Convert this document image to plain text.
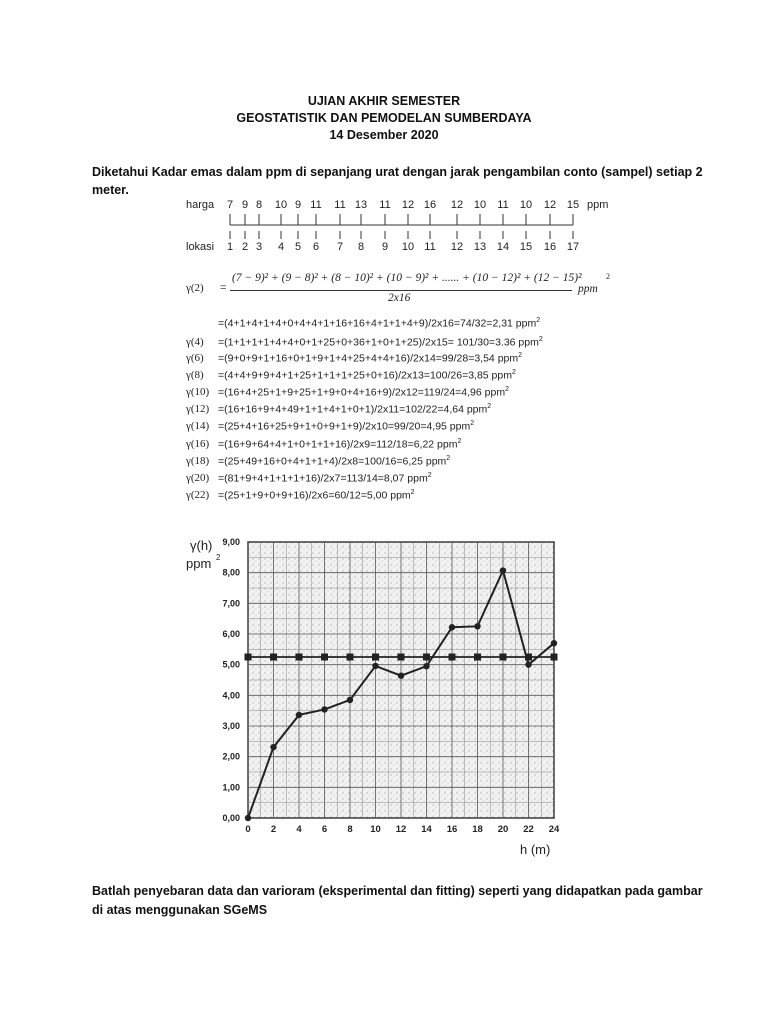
UJIAN AKHIR SEMESTER
GEOSTATISTIK DAN PEMODELAN SUMBERDAYA
14 Desember 2020
Diketahui Kadar emas dalam ppm di sepanjang urat dengan jarak pengambilan conto (sampel) setiap 2
meter.
harga	7 9 8	10 9 11	11 13	11	12 16	12 10	11	10	12 15 ppm
lokasi	1 2 3	4 5	6	7	8	9	10 11	12 13 14 15	16 17
γ(2) =
(7 − 9)² + (9 − 8)² + (8 − 10)² + (10 − 9)² + ...... + (10 − 12)² + (12 − 15)²
2x16
ppm
2
=(4+1+4+1+4+0+4+4+1+16+16+4+1+1+4+9)/2x16=74/32=2,31 ppm$^2$
γ(4) =(1+1+1+1+4+4+0+1+25+0+36+1+0+1+25)/2x15= 101/30=3.36 ppm$^2$
γ(6) =(9+0+9+1+16+0+1+9+1+4+25+4+4+16)/2x14=99/28=3,54 ppm$^2$
γ(8) =(4+4+9+9+4+1+25+1+1+1+25+0+16)/2x13=100/26=3,85 ppm$^2$
γ(10) =(16+4+25+1+9+25+1+9+0+4+16+9)/2x12=119/24=4,96 ppm$^2$
γ(12) =(16+16+9+4+49+1+1+4+1+0+1)/2x11=102/22=4,64 ppm$^2$
γ(14) =(25+4+16+25+9+1+0+9+1+9)/2x10=99/20=4,95 ppm$^2$
γ(16) =(16+9+64+4+1+0+1+1+16)/2x9=112/18=6,22 ppm$^2$
γ(18) =(25+49+16+0+4+1+1+4)/2x8=100/16=6,25 ppm$^2$
γ(20) =(81+9+4+1+1+1+16)/2x7=113/14=8,07 ppm$^2$
γ(22) =(25+1+9+0+9+16)/2x6=60/12=5,00 ppm$^2$
0,00
1,00
2,00
3,00
4,00
5,00
6,00
7,00
8,00
9,00
0 2 4 6 8 10 12 14 16 18 20 22 24
γ(h)
ppm 2
h (m)
Batlah penyebaran data dan varioram (eksperimental dan fitting) seperti yang didapatkan pada gambar
di atas menggunakan SGeMS
